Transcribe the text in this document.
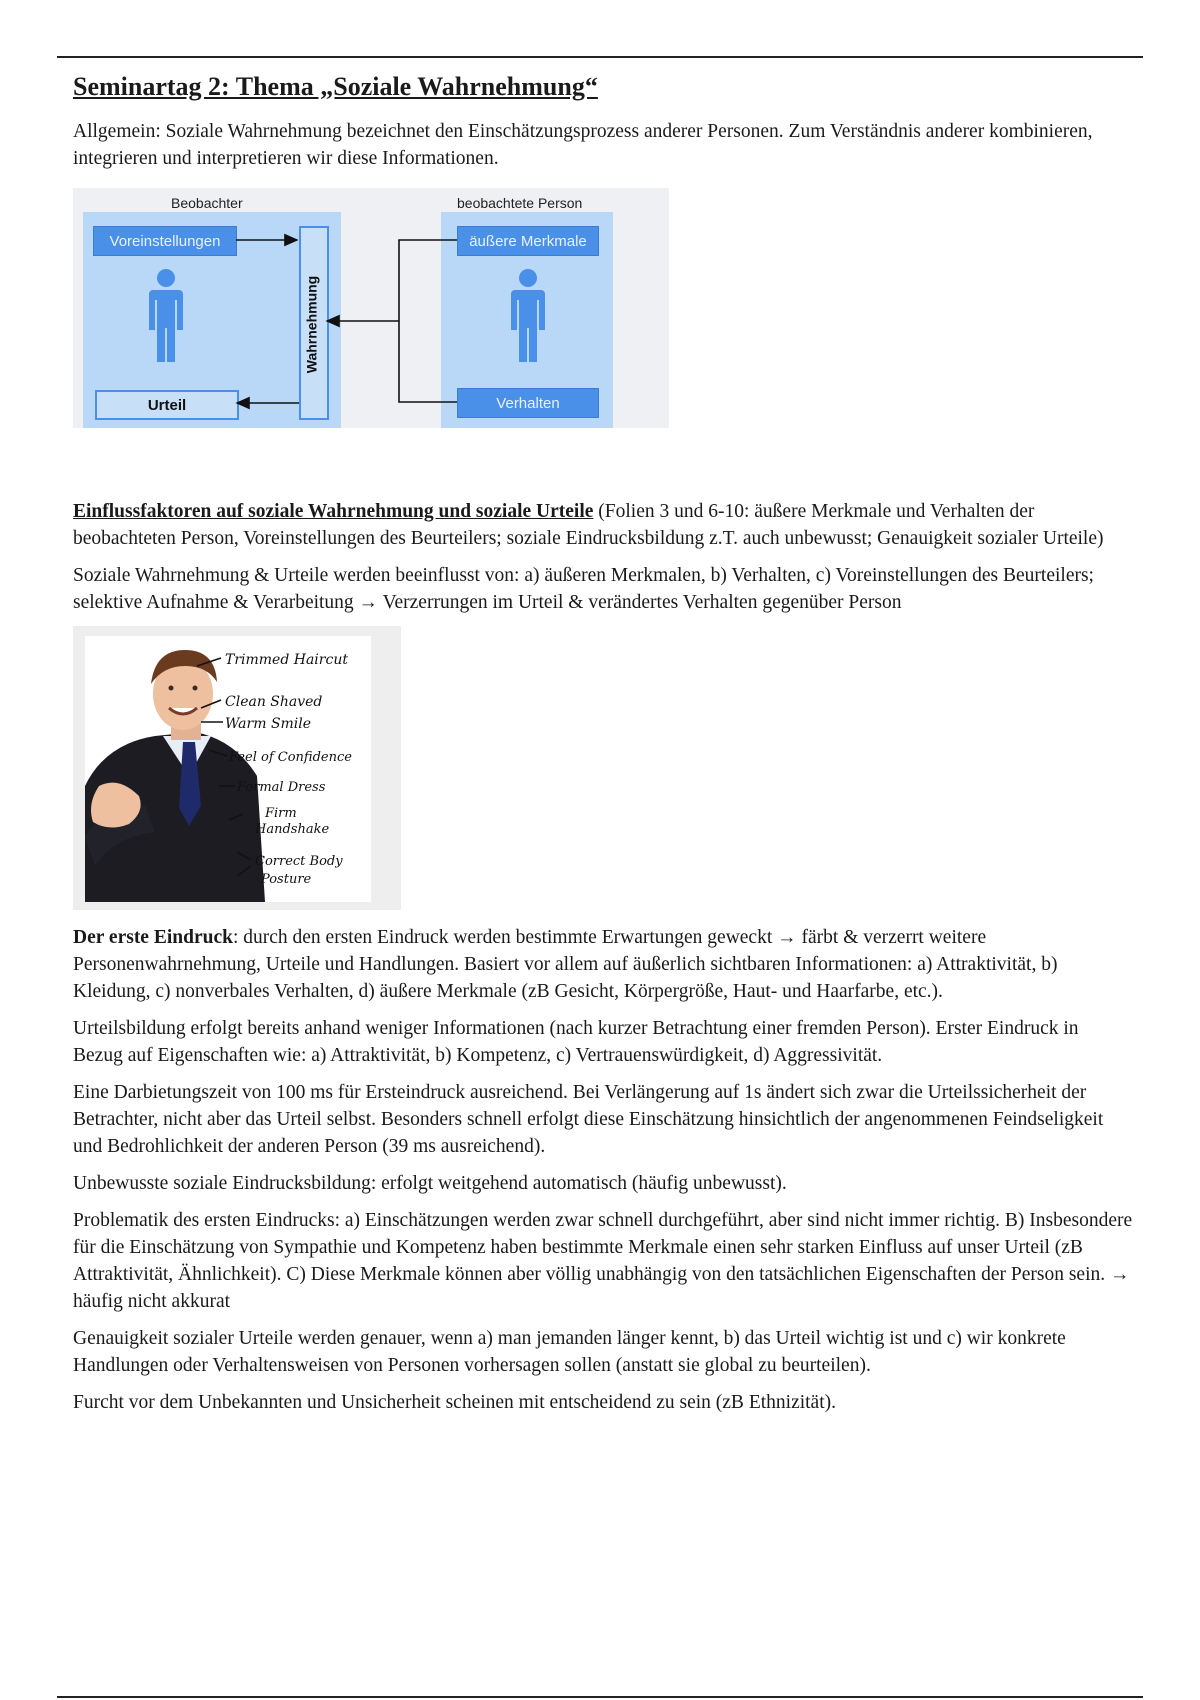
Seminartag 2: Thema „Soziale Wahrnehmung“

Allgemein: Soziale Wahrnehmung bezeichnet den Einschätzungsprozess anderer Personen. Zum Verständnis anderer kombinieren, integrieren und interpretieren wir diese Informationen.

Beobachter	beobachtete Person
Voreinstellungen
Urteil
Wahrnehmung
äußere Merkmale
Verhalten

Einflussfaktoren auf soziale Wahrnehmung und soziale Urteile (Folien 3 und 6-10: äußere Merkmale und Verhalten der beobachteten Person, Voreinstellungen des Beurteilers; soziale Eindrucksbildung z.T. auch unbewusst; Genauigkeit sozialer Urteile)

Soziale Wahrnehmung & Urteile werden beeinflusst von: a) äußeren Merkmalen, b) Verhalten, c) Voreinstellungen des Beurteilers; selektive Aufnahme & Verarbeitung → Verzerrungen im Urteil & verändertes Verhalten gegenüber Person

Trimmed Haircut
Clean Shaved
Warm Smile
Feel of Confidence
Formal Dress
Firm
Handshake
Correct Body
Posture

Der erste Eindruck: durch den ersten Eindruck werden bestimmte Erwartungen geweckt → färbt & verzerrt weitere Personenwahrnehmung, Urteile und Handlungen. Basiert vor allem auf äußerlich sichtbaren Informationen: a) Attraktivität, b) Kleidung, c) nonverbales Verhalten, d) äußere Merkmale (zB Gesicht, Körpergröße, Haut- und Haarfarbe, etc.).

Urteilsbildung erfolgt bereits anhand weniger Informationen (nach kurzer Betrachtung einer fremden Person). Erster Eindruck in Bezug auf Eigenschaften wie: a) Attraktivität, b) Kompetenz, c) Vertrauenswürdigkeit, d) Aggressivität.

Eine Darbietungszeit von 100 ms für Ersteindruck ausreichend. Bei Verlängerung auf 1s ändert sich zwar die Urteilssicherheit der Betrachter, nicht aber das Urteil selbst. Besonders schnell erfolgt diese Einschätzung hinsichtlich der angenommenen Feindseligkeit und Bedrohlichkeit der anderen Person (39 ms ausreichend).

Unbewusste soziale Eindrucksbildung: erfolgt weitgehend automatisch (häufig unbewusst).

Problematik des ersten Eindrucks: a) Einschätzungen werden zwar schnell durchgeführt, aber sind nicht immer richtig. B) Insbesondere für die Einschätzung von Sympathie und Kompetenz haben bestimmte Merkmale einen sehr starken Einfluss auf unser Urteil (zB Attraktivität, Ähnlichkeit). C) Diese Merkmale können aber völlig unabhängig von den tatsächlichen Eigenschaften der Person sein. → häufig nicht akkurat

Genauigkeit sozialer Urteile werden genauer, wenn a) man jemanden länger kennt, b) das Urteil wichtig ist und c) wir konkrete Handlungen oder Verhaltensweisen von Personen vorhersagen sollen (anstatt sie global zu beurteilen).

Furcht vor dem Unbekannten und Unsicherheit scheinen mit entscheidend zu sein (zB Ethnizität).
